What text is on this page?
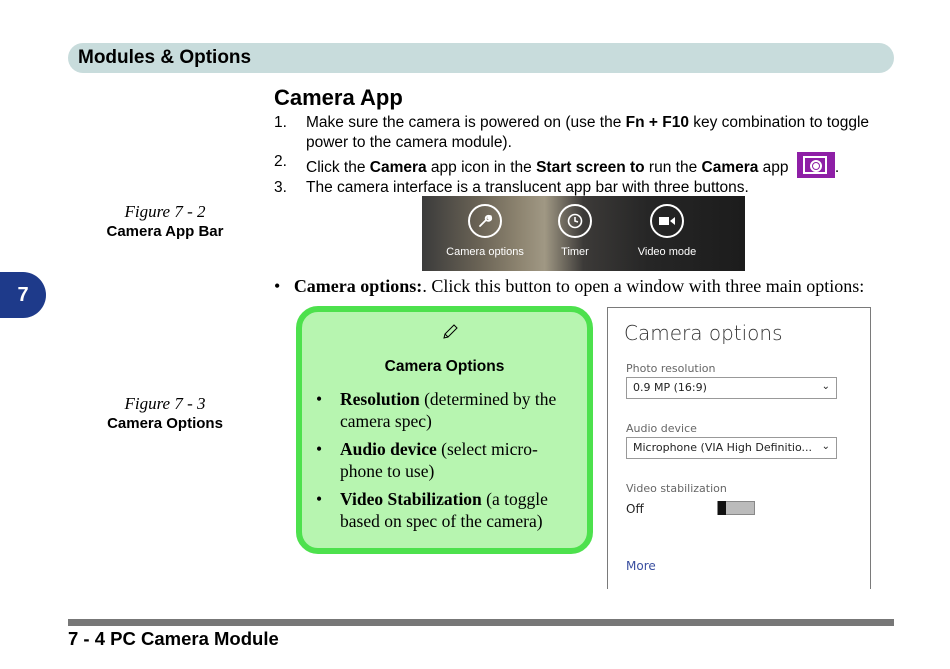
Modules & Options
7
Camera App
1.	Make sure the camera is powered on (use the Fn + F10 key combination to toggle power to the camera module).
2.	Click the Camera app icon in the Start screen to run the Camera app	.
3.	The camera interface is a translucent app bar with three buttons.
Figure 7 - 2
Camera App Bar
Figure 7 - 3
Camera Options
Camera options	Timer	Video mode
•   Camera options:. Click this button to open a window with three main options:
Camera Options
•	Resolution (determined by the camera spec)
•	Audio device (select micro-phone to use)
•	Video Stabilization (a toggle based on spec of the camera)
Camera options
Photo resolution
0.9 MP (16:9)	⌄
Audio device
Microphone (VIA High Definitio... ⌄
Video stabilization
Off
More
7 - 4 PC Camera Module
